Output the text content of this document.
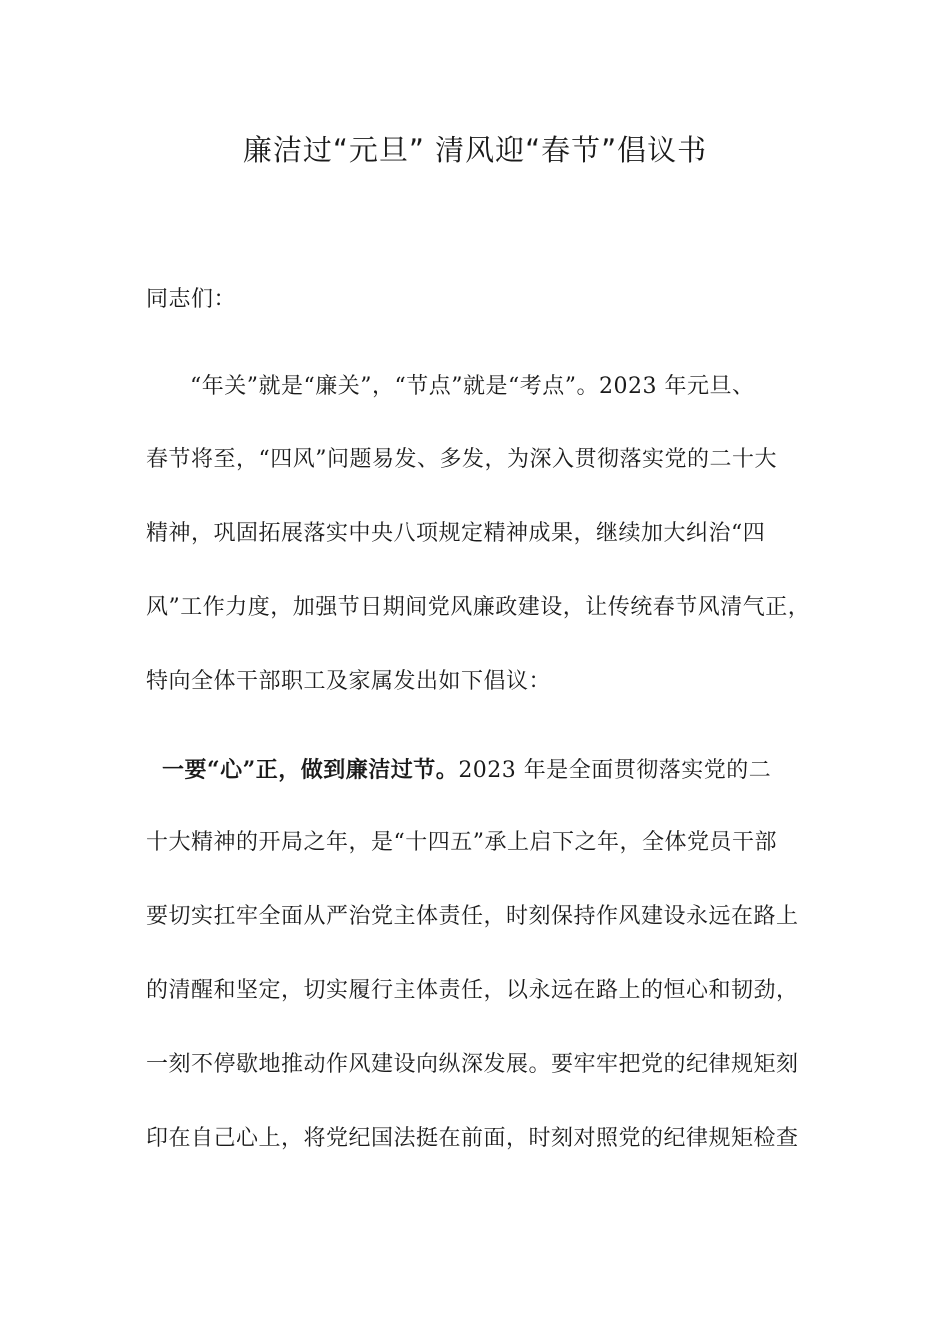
廉洁过“元旦” 清风迎“春节”倡议书
同志们：
“年关”就是“廉关”，“节点”就是“考点”。2023 年元旦、
春节将至，“四风”问题易发、多发，为深入贯彻落实党的二十大
精神，巩固拓展落实中央八项规定精神成果，继续加大纠治“四
风”工作力度，加强节日期间党风廉政建设，让传统春节风清气正，
特向全体干部职工及家属发出如下倡议：
一要“心”正，做到廉洁过节。2023 年是全面贯彻落实党的二
十大精神的开局之年，是“十四五”承上启下之年，全体党员干部
要切实扛牢全面从严治党主体责任，时刻保持作风建设永远在路上
的清醒和坚定，切实履行主体责任，以永远在路上的恒心和韧劲，
一刻不停歇地推动作风建设向纵深发展。要牢牢把党的纪律规矩刻
印在自己心上，将党纪国法挺在前面，时刻对照党的纪律规矩检查
